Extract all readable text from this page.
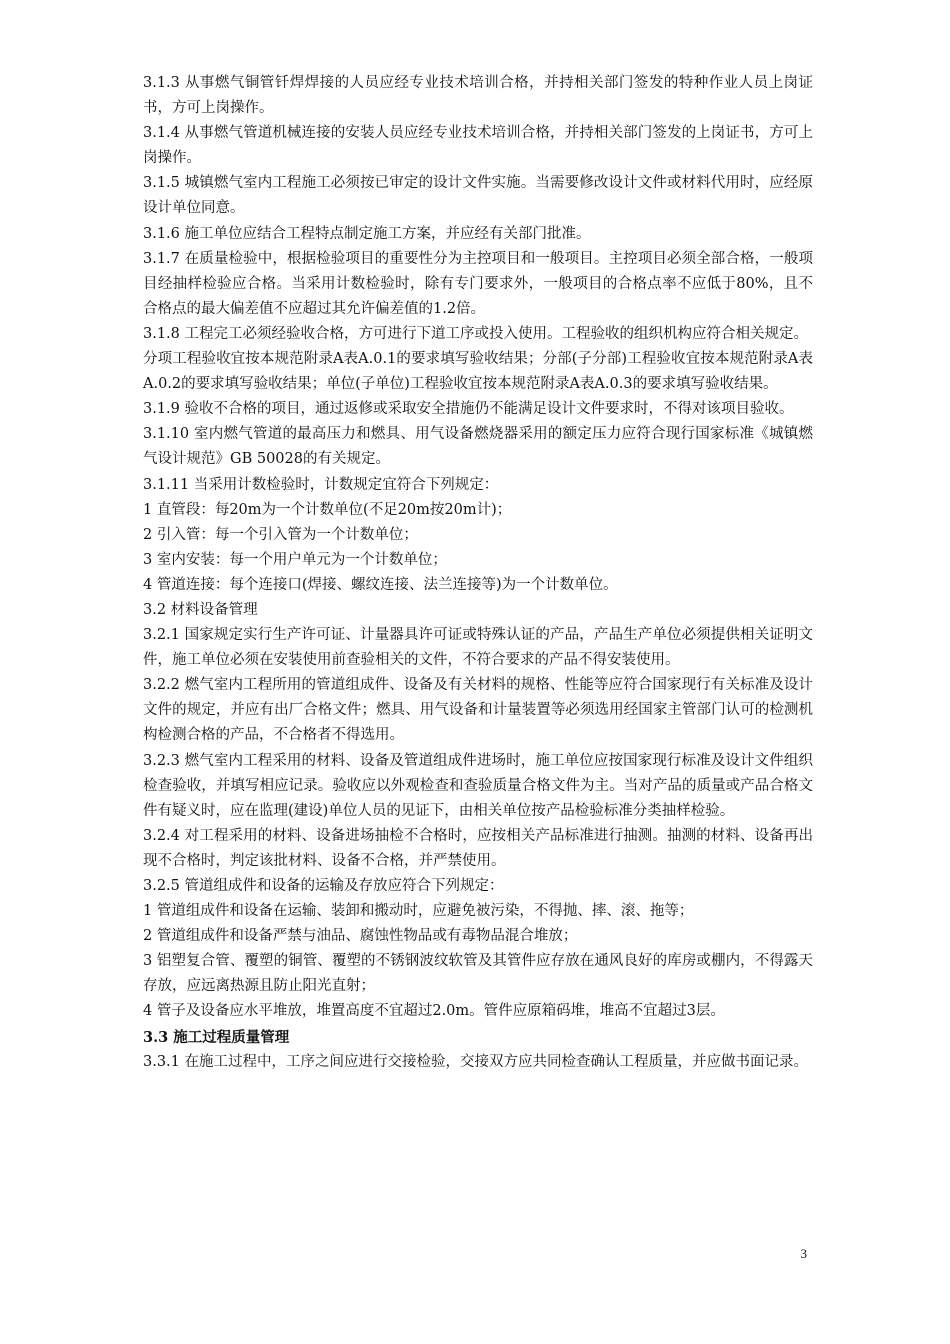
3.1.3 从事燃气铜管钎焊焊接的人员应经专业技术培训合格，并持相关部门签发的特种作业人员上岗证书，方可上岗操作。

3.1.4 从事燃气管道机械连接的安装人员应经专业技术培训合格，并持相关部门签发的上岗证书，方可上岗操作。

3.1.5 城镇燃气室内工程施工必须按已审定的设计文件实施。当需要修改设计文件或材料代用时，应经原设计单位同意。

3.1.6 施工单位应结合工程特点制定施工方案，并应经有关部门批准。

3.1.7 在质量检验中，根据检验项目的重要性分为主控项目和一般项目。主控项目必须全部合格，一般项目经抽样检验应合格。当采用计数检验时，除有专门要求外，一般项目的合格点率不应低于80%，且不合格点的最大偏差值不应超过其允许偏差值的1.2倍。

3.1.8 工程完工必须经验收合格，方可进行下道工序或投入使用。工程验收的组织机构应符合相关规定。

分项工程验收宜按本规范附录A表A.0.1的要求填写验收结果；分部(子分部)工程验收宜按本规范附录A表A.0.2的要求填写验收结果；单位(子单位)工程验收宜按本规范附录A表A.0.3的要求填写验收结果。

3.1.9 验收不合格的项目，通过返修或采取安全措施仍不能满足设计文件要求时，不得对该项目验收。

3.1.10 室内燃气管道的最高压力和燃具、用气设备燃烧器采用的额定压力应符合现行国家标准《城镇燃气设计规范》GB 50028的有关规定。

3.1.11 当采用计数检验时，计数规定宜符合下列规定：

1 直管段：每20m为一个计数单位(不足20m按20m计)；

2 引入管：每一个引入管为一个计数单位；

3 室内安装：每一个用户单元为一个计数单位；

4 管道连接：每个连接口(焊接、螺纹连接、法兰连接等)为一个计数单位。

3.2 材料设备管理

3.2.1 国家规定实行生产许可证、计量器具许可证或特殊认证的产品，产品生产单位必须提供相关证明文件，施工单位必须在安装使用前查验相关的文件，不符合要求的产品不得安装使用。

3.2.2 燃气室内工程所用的管道组成件、设备及有关材料的规格、性能等应符合国家现行有关标准及设计文件的规定，并应有出厂合格文件；燃具、用气设备和计量装置等必须选用经国家主管部门认可的检测机构检测合格的产品，不合格者不得选用。

3.2.3 燃气室内工程采用的材料、设备及管道组成件进场时，施工单位应按国家现行标准及设计文件组织检查验收，并填写相应记录。验收应以外观检查和查验质量合格文件为主。当对产品的质量或产品合格文件有疑义时，应在监理(建设)单位人员的见证下，由相关单位按产品检验标准分类抽样检验。

3.2.4 对工程采用的材料、设备进场抽检不合格时，应按相关产品标准进行抽测。抽测的材料、设备再出现不合格时，判定该批材料、设备不合格，并严禁使用。

3.2.5 管道组成件和设备的运输及存放应符合下列规定：

1 管道组成件和设备在运输、装卸和搬动时，应避免被污染，不得抛、摔、滚、拖等；

2 管道组成件和设备严禁与油品、腐蚀性物品或有毒物品混合堆放；

3 铝塑复合管、覆塑的铜管、覆塑的不锈钢波纹软管及其管件应存放在通风良好的库房或棚内，不得露天存放，应远离热源且防止阳光直射；

4 管子及设备应水平堆放，堆置高度不宜超过2.0m。管件应原箱码堆，堆高不宜超过3层。

3.3 施工过程质量管理

3.3.1 在施工过程中，工序之间应进行交接检验，交接双方应共同检查确认工程质量，并应做书面记录。

3
